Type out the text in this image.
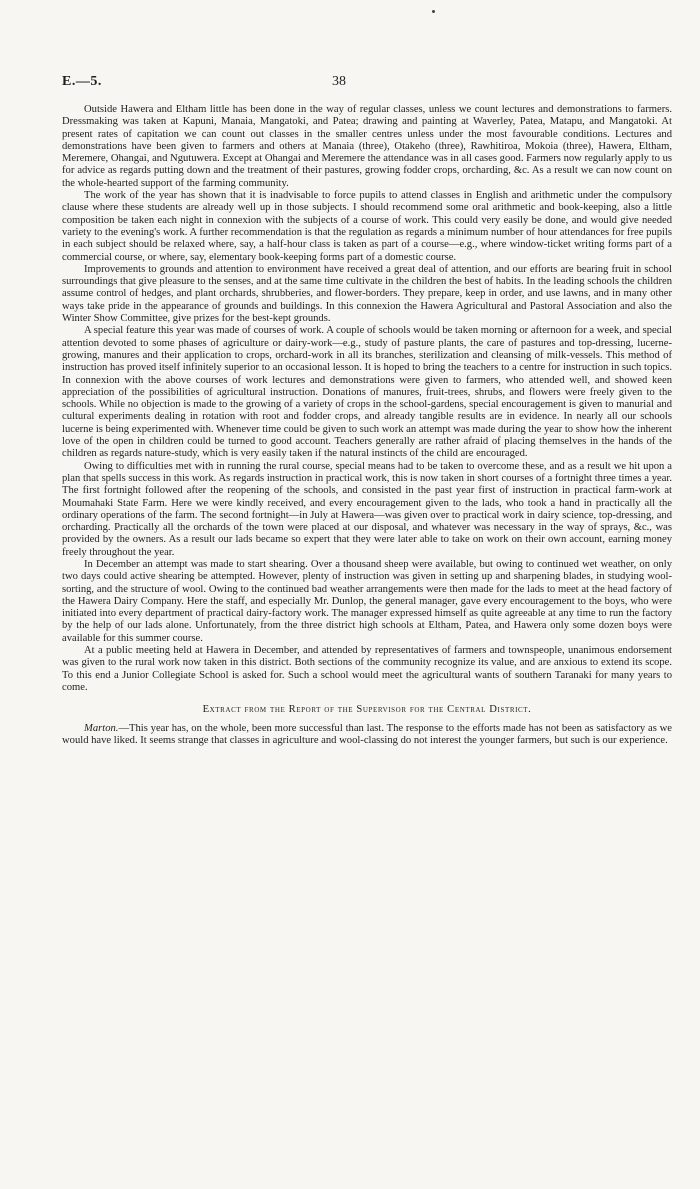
E.—5.	38

Outside Hawera and Eltham little has been done in the way of regular classes, unless we count lectures and demonstrations to farmers. Dressmaking was taken at Kapuni, Manaia, Mangatoki, and Patea; drawing and painting at Waverley, Patea, Matapu, and Mangatoki. At present rates of capitation we can count out classes in the smaller centres unless under the most favourable conditions. Lectures and demonstrations have been given to farmers and others at Manaia (three), Otakeho (three), Rawhitiroa, Mokoia (three), Hawera, Eltham, Meremere, Ohangai, and Ngutuwera. Except at Ohangai and Meremere the attendance was in all cases good. Farmers now regularly apply to us for advice as regards putting down and the treatment of their pastures, growing fodder crops, orcharding, &c. As a result we can now count on the whole-hearted support of the farming community.

The work of the year has shown that it is inadvisable to force pupils to attend classes in English and arithmetic under the compulsory clause where these students are already well up in those subjects. I should recommend some oral arithmetic and book-keeping, also a little composition be taken each night in connexion with the subjects of a course of work. This could very easily be done, and would give needed variety to the evening's work. A further recommendation is that the regulation as regards a minimum number of hour attendances for free pupils in each subject should be relaxed where, say, a half-hour class is taken as part of a course—e.g., where window-ticket writing forms part of a commercial course, or where, say, elementary book-keeping forms part of a domestic course.

Improvements to grounds and attention to environment have received a great deal of attention, and our efforts are bearing fruit in school surroundings that give pleasure to the senses, and at the same time cultivate in the children the best of habits. In the leading schools the children assume control of hedges, and plant orchards, shrubberies, and flower-borders. They prepare, keep in order, and use lawns, and in many other ways take pride in the appearance of grounds and buildings. In this connexion the Hawera Agricultural and Pastoral Association and also the Winter Show Committee, give prizes for the best-kept grounds.

A special feature this year was made of courses of work. A couple of schools would be taken morning or afternoon for a week, and special attention devoted to some phases of agriculture or dairy-work—e.g., study of pasture plants, the care of pastures and top-dressing, lucerne-growing, manures and their application to crops, orchard-work in all its branches, sterilization and cleansing of milk-vessels. This method of instruction has proved itself infinitely superior to an occasional lesson. It is hoped to bring the teachers to a centre for instruction in such topics. In connexion with the above courses of work lectures and demonstrations were given to farmers, who attended well, and showed keen appreciation of the possibilities of agricultural instruction. Donations of manures, fruit-trees, shrubs, and flowers were freely given to the schools. While no objection is made to the growing of a variety of crops in the school-gardens, special encouragement is given to manurial and cultural experiments dealing in rotation with root and fodder crops, and already tangible results are in evidence. In nearly all our schools lucerne is being experimented with. Whenever time could be given to such work an attempt was made during the year to show how the inherent love of the open in children could be turned to good account. Teachers generally are rather afraid of placing themselves in the hands of the children as regards nature-study, which is very easily taken if the natural instincts of the child are encouraged.

Owing to difficulties met with in running the rural course, special means had to be taken to overcome these, and as a result we hit upon a plan that spells success in this work. As regards instruction in practical work, this is now taken in short courses of a fortnight three times a year. The first fortnight followed after the reopening of the schools, and consisted in the past year first of instruction in practical farm-work at Moumahaki State Farm. Here we were kindly received, and every encouragement given to the lads, who took a hand in practically all the ordinary operations of the farm. The second fortnight—in July at Hawera—was given over to practical work in dairy science, top-dressing, and orcharding. Practically all the orchards of the town were placed at our disposal, and whatever was necessary in the way of sprays, &c., was provided by the owners. As a result our lads became so expert that they were later able to take on work on their own account, earning money freely throughout the year.

In December an attempt was made to start shearing. Over a thousand sheep were available, but owing to continued wet weather, on only two days could active shearing be attempted. However, plenty of instruction was given in setting up and sharpening blades, in studying wool-sorting, and the structure of wool. Owing to the continued bad weather arrangements were then made for the lads to meet at the head factory of the Hawera Dairy Company. Here the staff, and especially Mr. Dunlop, the general manager, gave every encouragement to the boys, who were initiated into every department of practical dairy-factory work. The manager expressed himself as quite agreeable at any time to run the factory by the help of our lads alone. Unfortunately, from the three district high schools at Eltham, Patea, and Hawera only some dozen boys were available for this summer course.

At a public meeting held at Hawera in December, and attended by representatives of farmers and townspeople, unanimous endorsement was given to the rural work now taken in this district. Both sections of the community recognize its value, and are anxious to extend its scope. To this end a Junior Collegiate School is asked for. Such a school would meet the agricultural wants of southern Taranaki for many years to come.

Extract from the Report of the Supervisor for the Central District.

Marton.—This year has, on the whole, been more successful than last. The response to the efforts made has not been as satisfactory as we would have liked. It seems strange that classes in agriculture and wool-classing do not interest the younger farmers, but such is our experience.
